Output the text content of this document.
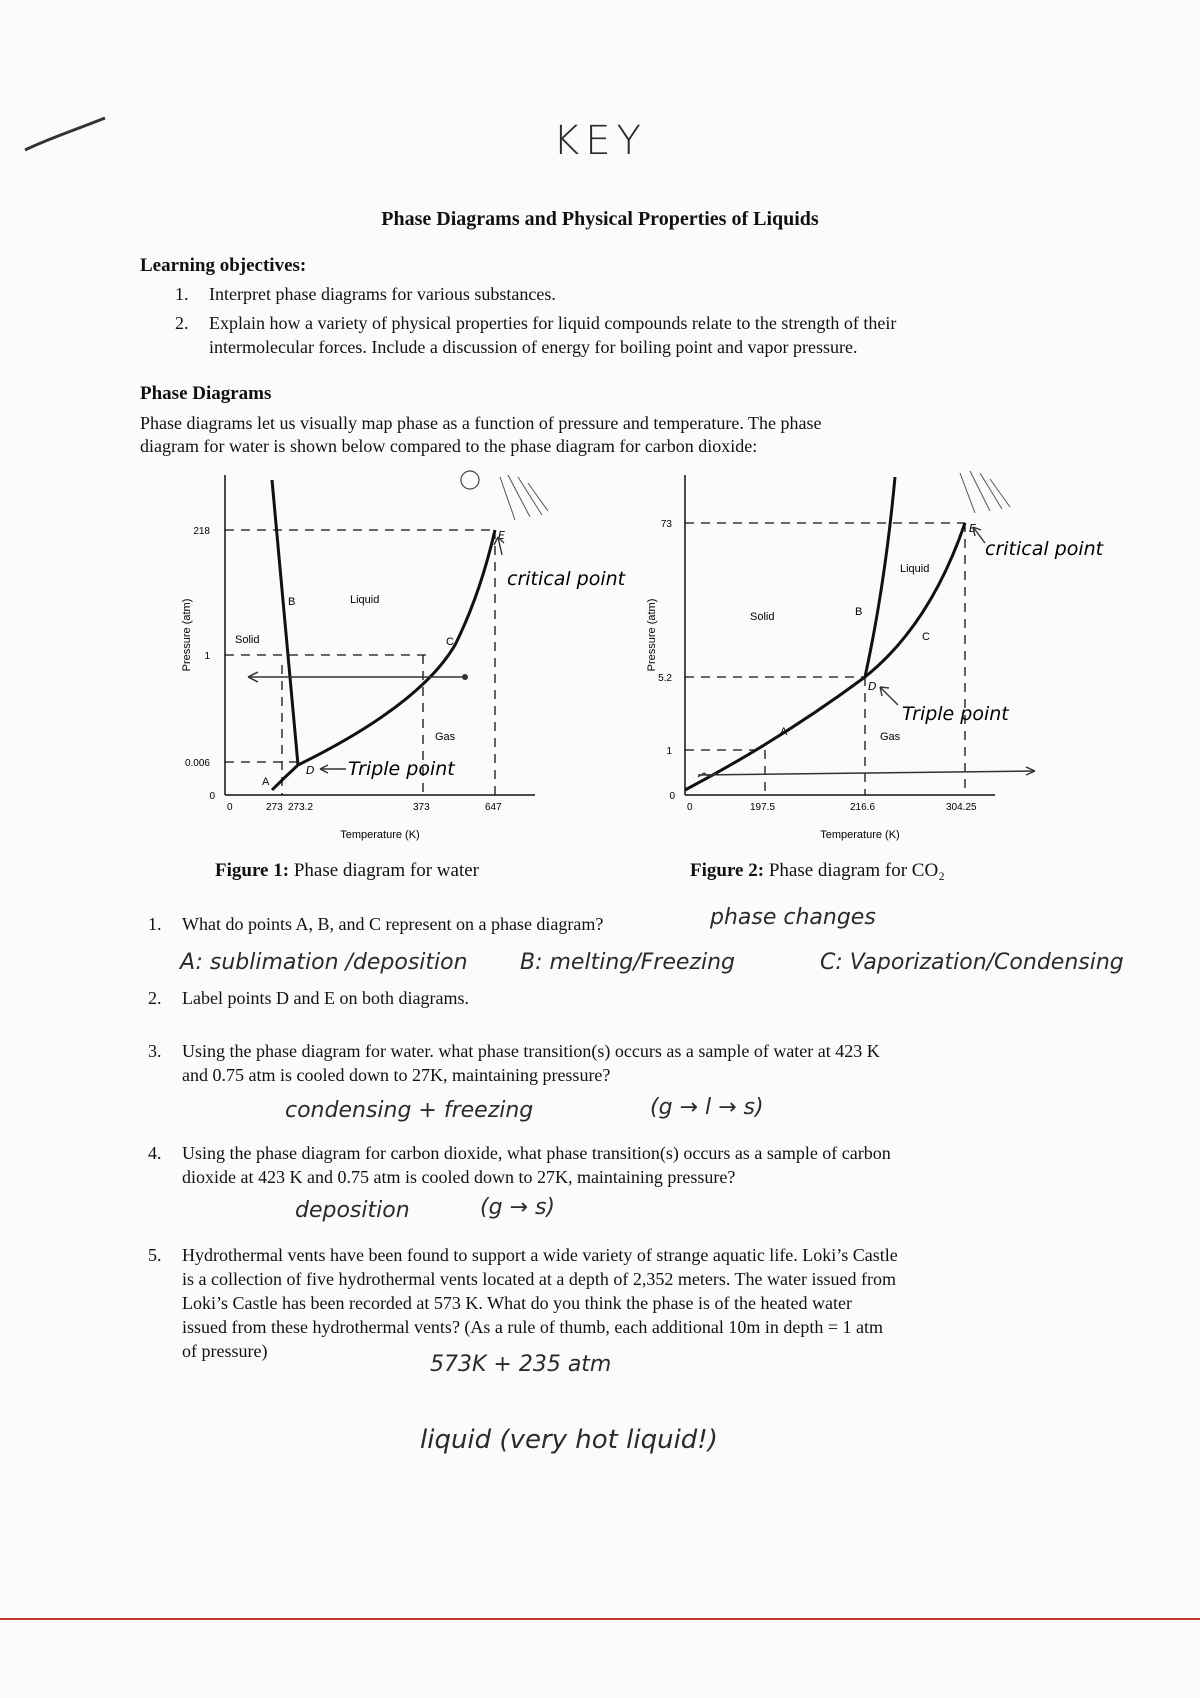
KEY
Phase Diagrams and Physical Properties of Liquids
Learning objectives:
1. Interpret phase diagrams for various substances.
2. Explain how a variety of physical properties for liquid compounds relate to the strength of their
intermolecular forces. Include a discussion of energy for boiling point and vapor pressure.
Phase Diagrams
Phase diagrams let us visually map phase as a function of pressure and temperature. The phase
diagram for water is shown below compared to the phase diagram for carbon dioxide:
218
1
0.006
0
0	273 273.2	373	647
Temperature (K)
Pressure (atm)	Solid
Liquid
Gas
A
B
C
D
E
critical point
Triple point
Figure 1: Phase diagram for water
73
5.2
1
0
0	197.5	216.6	304.25
Temperature (K)
Pressure (atm)	Solid
Liquid
Gas
A
B
C
D
E
critical point
Triple point
Figure 2: Phase diagram for CO₂
1. What do points A, B, and C represent on a phase diagram?	phase changes
A: sublimation /deposition B: melting/Freezing	C: Vaporization/Condensing
2. Label points D and E on both diagrams.
3. Using the phase diagram for water. what phase transition(s) occurs as a sample of water at 423 K
and 0.75 atm is cooled down to 27K, maintaining pressure?
condensing + freezing	(g → l → s)
4. Using the phase diagram for carbon dioxide, what phase transition(s) occurs as a sample of carbon
dioxide at 423 K and 0.75 atm is cooled down to 27K, maintaining pressure?
deposition	(g → s)
5. Hydrothermal vents have been found to support a wide variety of strange aquatic life. Loki’s Castle
is a collection of five hydrothermal vents located at a depth of 2,352 meters. The water issued from
Loki’s Castle has been recorded at 573 K. What do you think the phase is of the heated water
issued from these hydrothermal vents? (As a rule of thumb, each additional 10m in depth = 1 atm
of pressure)
573K + 235 atm
liquid (very hot liquid!)
